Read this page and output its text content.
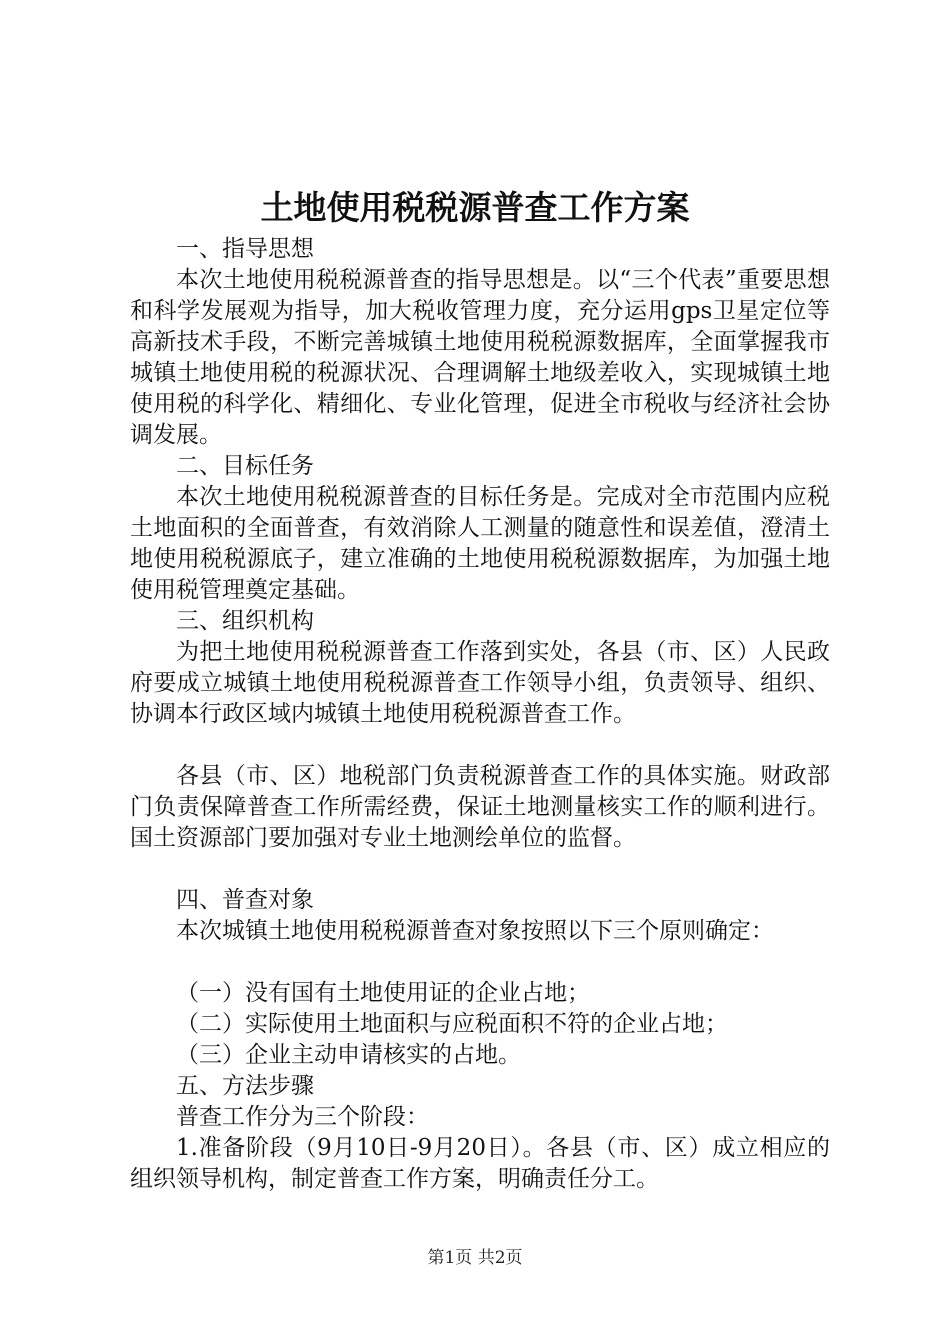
土地使用税税源普查工作方案

一、指导思想

本次土地使用税税源普查的指导思想是。以“三个代表”重要思想和科学发展观为指导，加大税收管理力度，充分运用gps卫星定位等高新技术手段，不断完善城镇土地使用税税源数据库，全面掌握我市城镇土地使用税的税源状况、合理调解土地级差收入，实现城镇土地使用税的科学化、精细化、专业化管理，促进全市税收与经济社会协调发展。

二、目标任务

本次土地使用税税源普查的目标任务是。完成对全市范围内应税土地面积的全面普查，有效消除人工测量的随意性和误差值，澄清土地使用税税源底子，建立准确的土地使用税税源数据库，为加强土地使用税管理奠定基础。

三、组织机构

为把土地使用税税源普查工作落到实处，各县（市、区）人民政府要成立城镇土地使用税税源普查工作领导小组，负责领导、组织、协调本行政区域内城镇土地使用税税源普查工作。

各县（市、区）地税部门负责税源普查工作的具体实施。财政部门负责保障普查工作所需经费，保证土地测量核实工作的顺利进行。国土资源部门要加强对专业土地测绘单位的监督。

四、普查对象

本次城镇土地使用税税源普查对象按照以下三个原则确定：

（一）没有国有土地使用证的企业占地；

（二）实际使用土地面积与应税面积不符的企业占地；

（三）企业主动申请核实的占地。

五、方法步骤

普查工作分为三个阶段：

1.准备阶段（9月10日-9月20日）。各县（市、区）成立相应的组织领导机构，制定普查工作方案，明确责任分工。

第1页 共2页
